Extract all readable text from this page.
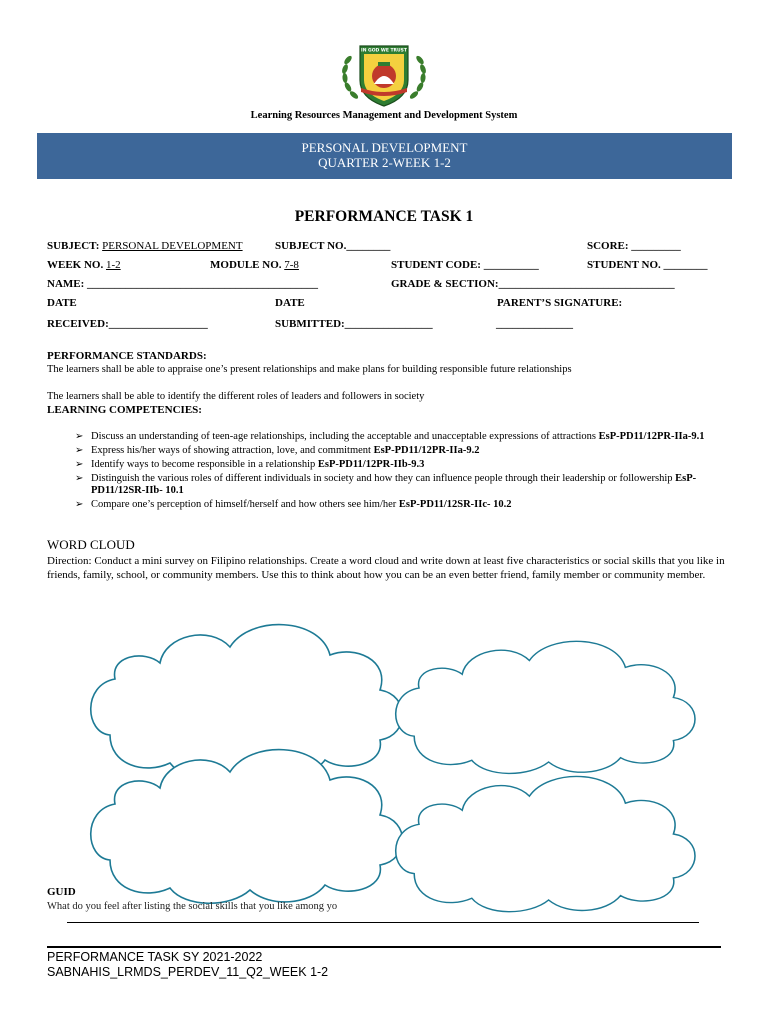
IN GOD WE TRUST
Learning Resources Management and Development System
PERSONAL DEVELOPMENT
QUARTER 2-WEEK 1-2
PERFORMANCE TASK 1
SUBJECT: PERSONAL DEVELOPMENT	SUBJECT NO.________	SCORE: _________
WEEK NO. 1-2	MODULE NO. 7-8	STUDENT CODE: __________	STUDENT NO. ________
NAME: __________________________________________	GRADE & SECTION:________________________________
DATE	DATE	PARENT’S SIGNATURE:
RECEIVED:__________________	SUBMITTED:________________	______________
PERFORMANCE STANDARDS:
The learners shall be able to appraise one’s present relationships and make plans for building responsible future relationships
The learners shall be able to identify the different roles of leaders and followers in society
LEARNING COMPETENCIES:
➢ Discuss an understanding of teen-age relationships, including the acceptable and unacceptable expressions of attractions EsP-PD11/12PR-IIa-9.1
➢ Express his/her ways of showing attraction, love, and commitment EsP-PD11/12PR-IIa-9.2
➢ Identify ways to become responsible in a relationship EsP-PD11/12PR-IIb-9.3
➢ Distinguish the various roles of different individuals in society and how they can influence people through their leadership or followership EsP-PD11/12SR-IIb- 10.1
➢ Compare one’s perception of himself/herself and how others see him/her EsP-PD11/12SR-IIc- 10.2
WORD CLOUD
Direction: Conduct a mini survey on Filipino relationships. Create a word cloud and write down at least five characteristics or social skills that you like in friends, family, school, or community members. Use this to think about how you can be an even better friend, family member or community member.
GUID
What do you feel after listing the social skills that you like among yo
PERFORMANCE TASK SY 2021-2022
SABNAHIS_LRMDS_PERDEV_11_Q2_WEEK 1-2
